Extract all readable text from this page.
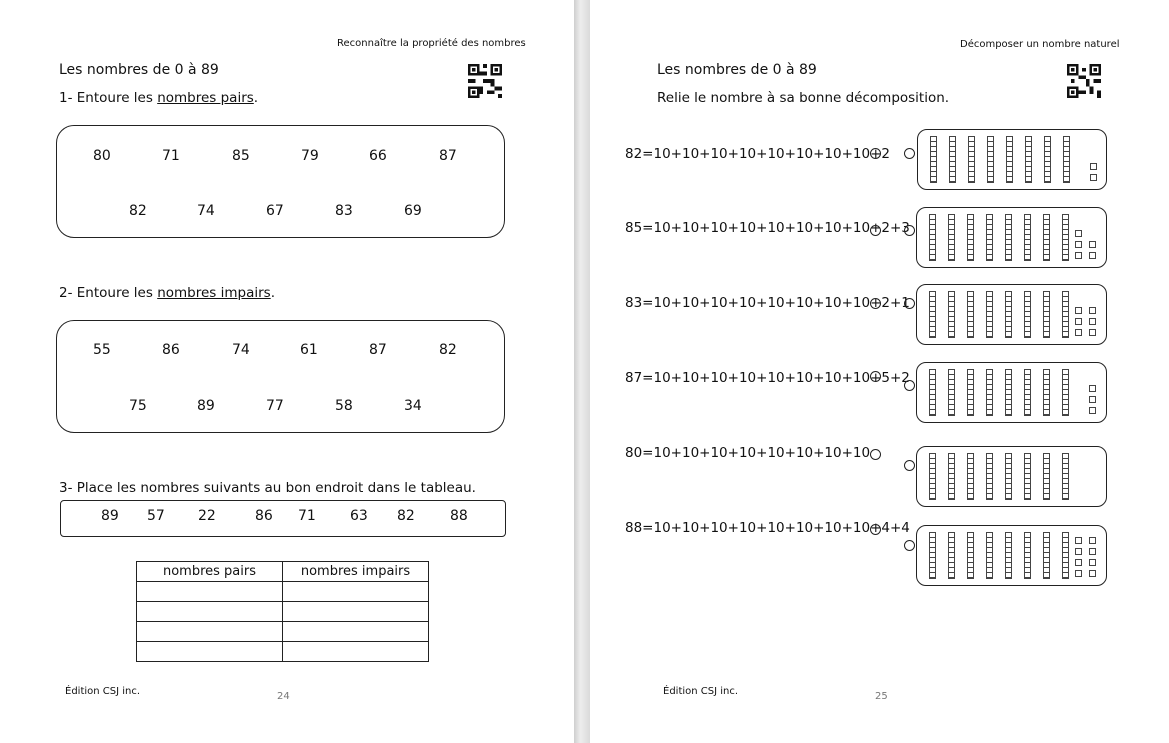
Reconnaître la propriété des nombres
Les nombres de 0 à 89
1- Entoure les nombres pairs.
80	71	85	79	66	87
82	74	67	83	69
2- Entoure les nombres impairs.
55	86	74	61	87	82
75	89	77	58	34
3- Place les nombres suivants au bon endroit dans le tableau.
89 57 22	86 71 63 82	88
nombres pairs	nombres impairs

Édition CSJ inc.	24
Décomposer un nombre naturel
Les nombres de 0 à 89
Relie le nombre à sa bonne décomposition.
82=10+10+10+10+10+10+10+10+2
85=10+10+10+10+10+10+10+10+2+3
83=10+10+10+10+10+10+10+10+2+1
87=10+10+10+10+10+10+10+10+5+2
80=10+10+10+10+10+10+10+10
88=10+10+10+10+10+10+10+10+4+4
Édition CSJ inc.	25
